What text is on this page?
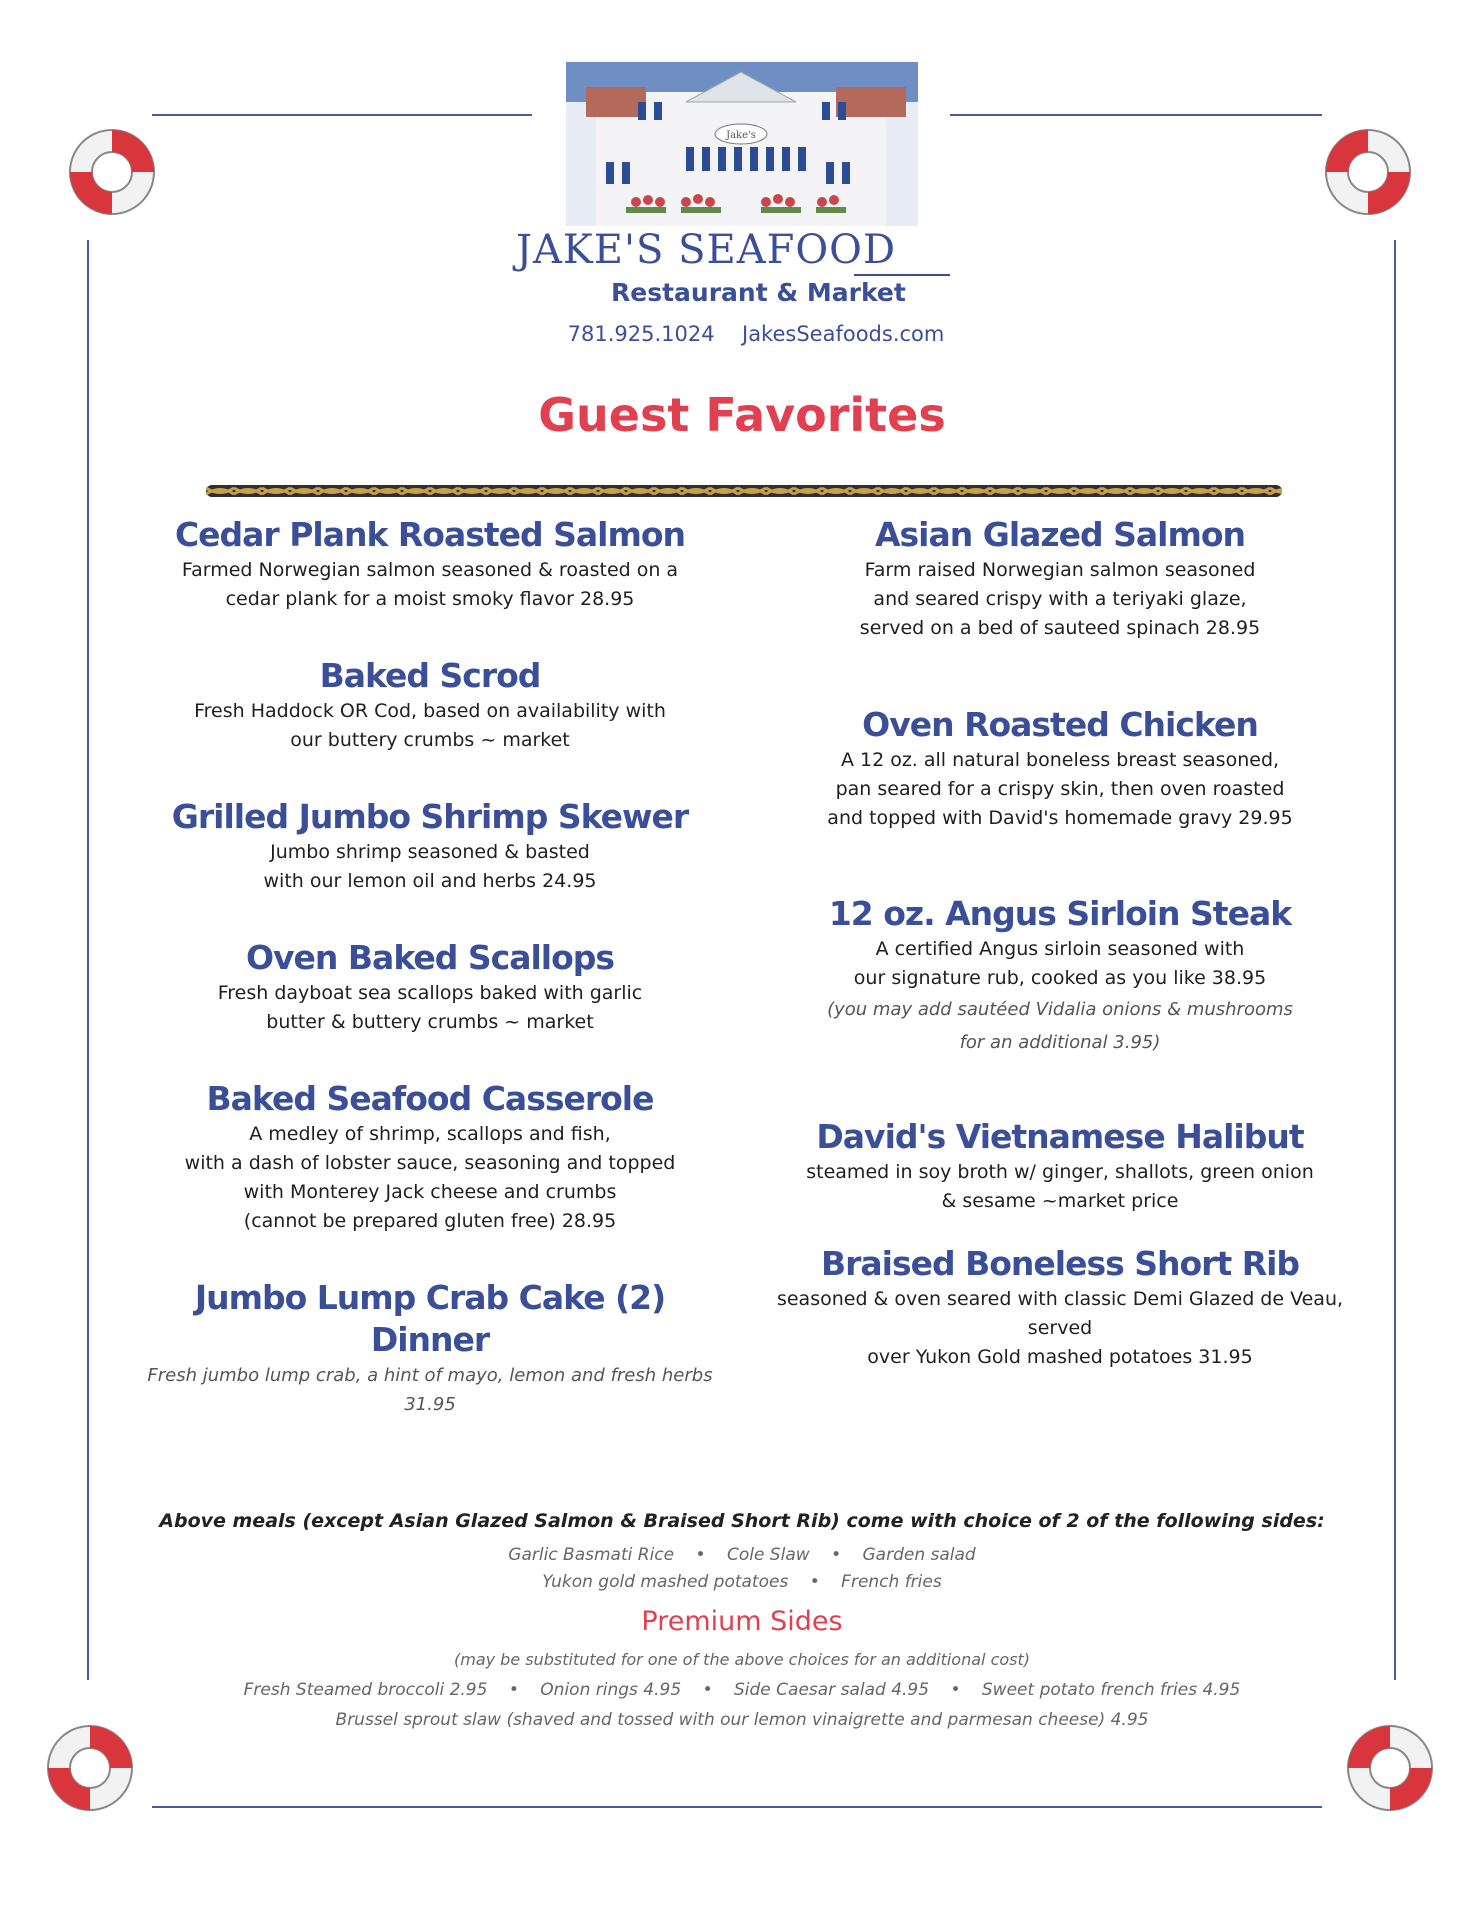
Jake's
JAKE'S SEAFOOD
Restaurant & Market
781.925.1024 JakesSeafoods.com
Guest Favorites
Cedar Plank Roasted Salmon

Farmed Norwegian salmon seasoned & roasted on a

cedar plank for a moist smoky flavor 28.95

Baked Scrod

Fresh Haddock OR Cod, based on availability with

our buttery crumbs ~ market

Grilled Jumbo Shrimp Skewer

Jumbo shrimp seasoned & basted

with our lemon oil and herbs 24.95

Oven Baked Scallops

Fresh dayboat sea scallops baked with garlic

butter & buttery crumbs ~ market

Baked Seafood Casserole

A medley of shrimp, scallops and fish,

with a dash of lobster sauce, seasoning and topped

with Monterey Jack cheese and crumbs

(cannot be prepared gluten free) 28.95

Jumbo Lump Crab Cake (2) Dinner

Fresh jumbo lump crab, a hint of mayo, lemon and fresh herbs 31.95

Asian Glazed Salmon

Farm raised Norwegian salmon seasoned

and seared crispy with a teriyaki glaze,

served on a bed of sauteed spinach 28.95

Oven Roasted Chicken

A 12 oz. all natural boneless breast seasoned,

pan seared for a crispy skin, then oven roasted

and topped with David's homemade gravy 29.95

12 oz. Angus Sirloin Steak

A certified Angus sirloin seasoned with

our signature rub, cooked as you like 38.95

(you may add sautéed Vidalia onions & mushrooms

for an additional 3.95)

David's Vietnamese Halibut

steamed in soy broth w/ ginger, shallots, green onion

& sesame ~market price

Braised Boneless Short Rib

seasoned & oven seared with classic Demi Glazed de Veau, served

over Yukon Gold mashed potatoes 31.95

Above meals (except Asian Glazed Salmon & Braised Short Rib) come with choice of 2 of the following sides:
Garlic Basmati Rice • Cole Slaw • Garden salad
Yukon gold mashed potatoes • French fries
Premium Sides
(may be substituted for one of the above choices for an additional cost)
Fresh Steamed broccoli 2.95 • Onion rings 4.95 • Side Caesar salad 4.95 • Sweet potato french fries 4.95
Brussel sprout slaw (shaved and tossed with our lemon vinaigrette and parmesan cheese) 4.95
